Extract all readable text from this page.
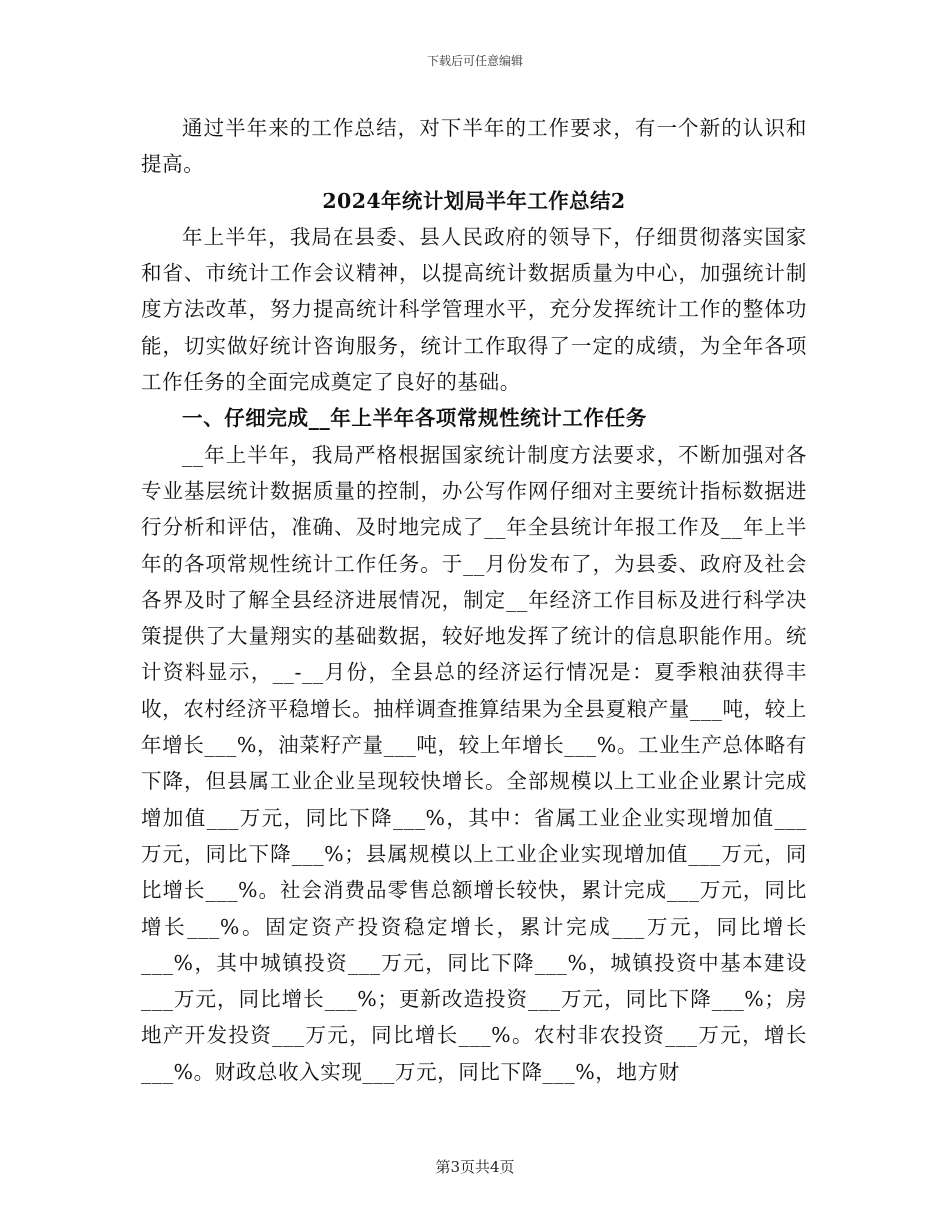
下载后可任意编辑

通过半年来的工作总结，对下半年的工作要求，有一个新的认识和提高。

2024年统计划局半年工作总结2

年上半年，我局在县委、县人民政府的领导下，仔细贯彻落实国家和省、市统计工作会议精神，以提高统计数据质量为中心，加强统计制度方法改革，努力提高统计科学管理水平，充分发挥统计工作的整体功能，切实做好统计咨询服务，统计工作取得了一定的成绩，为全年各项工作任务的全面完成奠定了良好的基础。

一、仔细完成__年上半年各项常规性统计工作任务

__年上半年，我局严格根据国家统计制度方法要求，不断加强对各专业基层统计数据质量的控制，办公写作网仔细对主要统计指标数据进行分析和评估，准确、及时地完成了__年全县统计年报工作及__年上半年的各项常规性统计工作任务。于__月份发布了，为县委、政府及社会各界及时了解全县经济进展情况，制定__年经济工作目标及进行科学决策提供了大量翔实的基础数据，较好地发挥了统计的信息职能作用。统计资料显示，__-__月份，全县总的经济运行情况是：夏季粮油获得丰收，农村经济平稳增长。抽样调查推算结果为全县夏粮产量___吨，较上年增长___%，油菜籽产量___吨，较上年增长___%。工业生产总体略有下降，但县属工业企业呈现较快增长。全部规模以上工业企业累计完成增加值___万元，同比下降___%，其中：省属工业企业实现增加值___万元，同比下降___%；县属规模以上工业企业实现增加值___万元，同比增长___%。社会消费品零售总额增长较快，累计完成___万元，同比增长___%。固定资产投资稳定增长，累计完成___万元，同比增长___%，其中城镇投资___万元，同比下降___%，城镇投资中基本建设___万元，同比增长___%；更新改造投资___万元，同比下降___%；房地产开发投资___万元，同比增长___%。农村非农投资___万元，增长___%。财政总收入实现___万元，同比下降___%，地方财

第3页共4页
